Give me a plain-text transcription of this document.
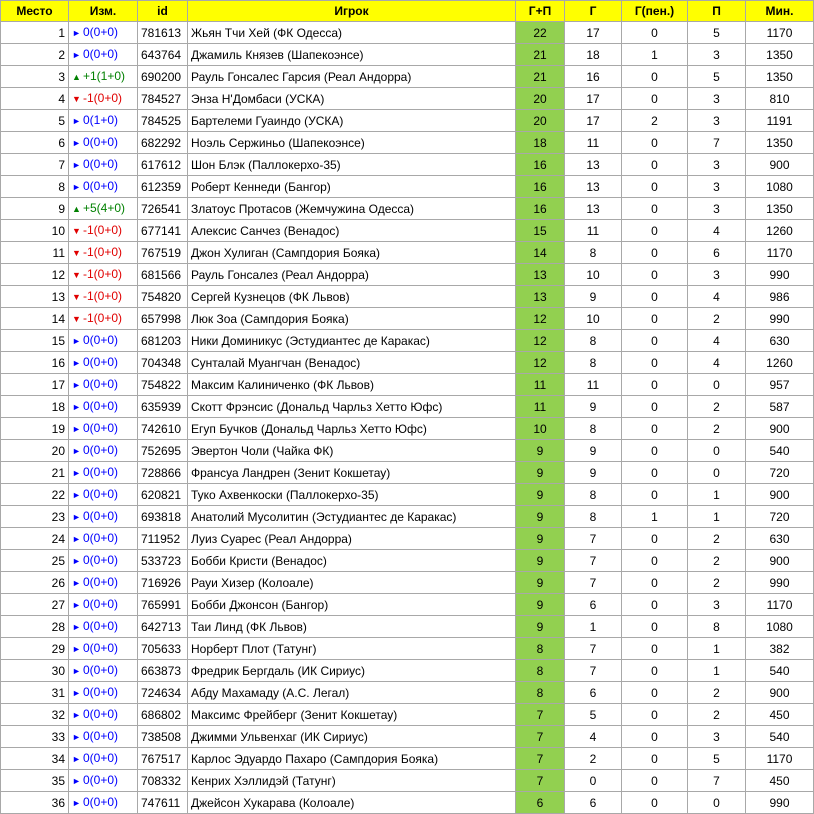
Место	Изм.	id	Игрок	Г+П	Г	Г(пен.)	П	Мин.
1	► 0(0+0)	781613	Жьян Тчи Хей (ФК Одесса)	22	17	0	5	1170
2	► 0(0+0)	643764	Джамиль Князев (Шапекоэнсе)	21	18	1	3	1350
3	▲ +1(1+0)	690200	Рауль Гонсалес Гарсия (Реал Андорра)	21	16	0	5	1350
4	▼ -1(0+0)	784527	Энза Н'Домбаси (УСКА)	20	17	0	3	810
5	► 0(1+0)	784525	Бартелеми Гуаиндо (УСКА)	20	17	2	3	1191
6	► 0(0+0)	682292	Ноэль Сержиньо (Шапекоэнсе)	18	11	0	7	1350
7	► 0(0+0)	617612	Шон Блэк (Паллокерхо-35)	16	13	0	3	900
8	► 0(0+0)	612359	Роберт Кеннеди (Бангор)	16	13	0	3	1080
9	▲ +5(4+0)	726541	Златоус Протасов (Жемчужина Одесса)	16	13	0	3	1350
10	▼ -1(0+0)	677141	Алексис Санчез (Венадос)	15	11	0	4	1260
11	▼ -1(0+0)	767519	Джон Хулиган (Сампдория Бояка)	14	8	0	6	1170
12	▼ -1(0+0)	681566	Рауль Гонсалез (Реал Андорра)	13	10	0	3	990
13	▼ -1(0+0)	754820	Сергей Кузнецов (ФК Львов)	13	9	0	4	986
14	▼ -1(0+0)	657998	Люк Зоа (Сампдория Бояка)	12	10	0	2	990
15	► 0(0+0)	681203	Ники Доминикус (Эстудиантес де Каракас)	12	8	0	4	630
16	► 0(0+0)	704348	Сунталай Муангчан (Венадос)	12	8	0	4	1260
17	► 0(0+0)	754822	Максим Калиниченко (ФК Львов)	11	11	0	0	957
18	► 0(0+0)	635939	Скотт Фрэнсис (Дональд Чарльз Хетто Юфс)	11	9	0	2	587
19	► 0(0+0)	742610	Егуп Бучков (Дональд Чарльз Хетто Юфс)	10	8	0	2	900
20	► 0(0+0)	752695	Эвертон Чоли (Чайка ФК)	9	9	0	0	540
21	► 0(0+0)	728866	Франсуа Ландрен (Зенит Кокшетау)	9	9	0	0	720
22	► 0(0+0)	620821	Туко Ахвенкоски (Паллокерхо-35)	9	8	0	1	900
23	► 0(0+0)	693818	Анатолий Мусолитин (Эстудиантес де Каракас)	9	8	1	1	720
24	► 0(0+0)	711952	Луиз Суарес (Реал Андорра)	9	7	0	2	630
25	► 0(0+0)	533723	Бобби Кристи (Венадос)	9	7	0	2	900
26	► 0(0+0)	716926	Рауи Хизер (Колоале)	9	7	0	2	990
27	► 0(0+0)	765991	Бобби Джонсон (Бангор)	9	6	0	3	1170
28	► 0(0+0)	642713	Таи Линд (ФК Львов)	9	1	0	8	1080
29	► 0(0+0)	705633	Норберт Плот (Татунг)	8	7	0	1	382
30	► 0(0+0)	663873	Фредрик Бергдаль (ИК Сириус)	8	7	0	1	540
31	► 0(0+0)	724634	Абду Махамаду (А.С. Легал)	8	6	0	2	900
32	► 0(0+0)	686802	Максимс Фрейберг (Зенит Кокшетау)	7	5	0	2	450
33	► 0(0+0)	738508	Джимми Ульвенхаг (ИК Сириус)	7	4	0	3	540
34	► 0(0+0)	767517	Карлос Эдуардо Пахаро (Сампдория Бояка)	7	2	0	5	1170
35	► 0(0+0)	708332	Кенрих Хэллидэй (Татунг)	7	0	0	7	450
36	► 0(0+0)	747611	Джейсон Хукарава (Колоале)	6	6	0	0	990
